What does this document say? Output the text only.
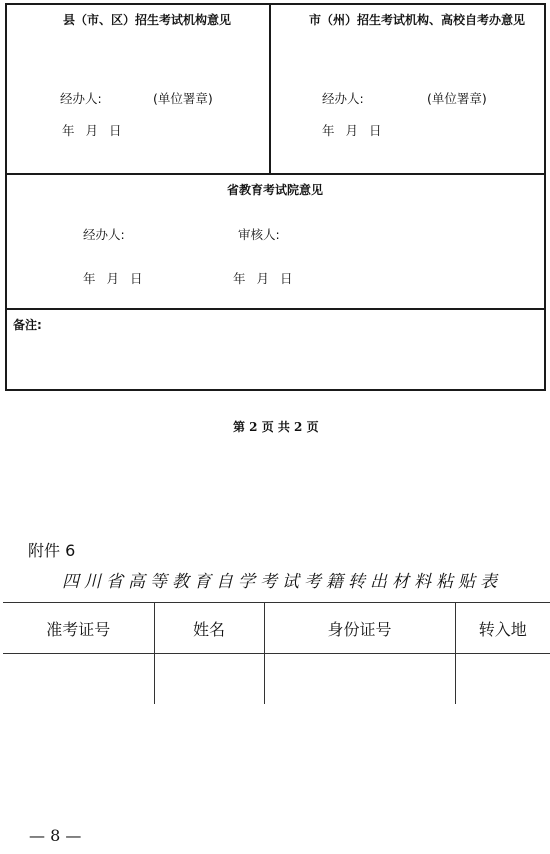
县（市、区）招生考试机构意见
经办人:	(单位署章)
年 月 日
市（州）招生考试机构、高校自考办意见
经办人:	(单位署章)
年 月 日
省教育考试院意见
经办人:	审核人:
年 月 日	年 月 日
备注:
第 2 页 共 2 页
附件 6
四川省高等教育自学考试考籍转出材料粘贴表
准考证号	姓名	身份证号	转入地

— 8 —
